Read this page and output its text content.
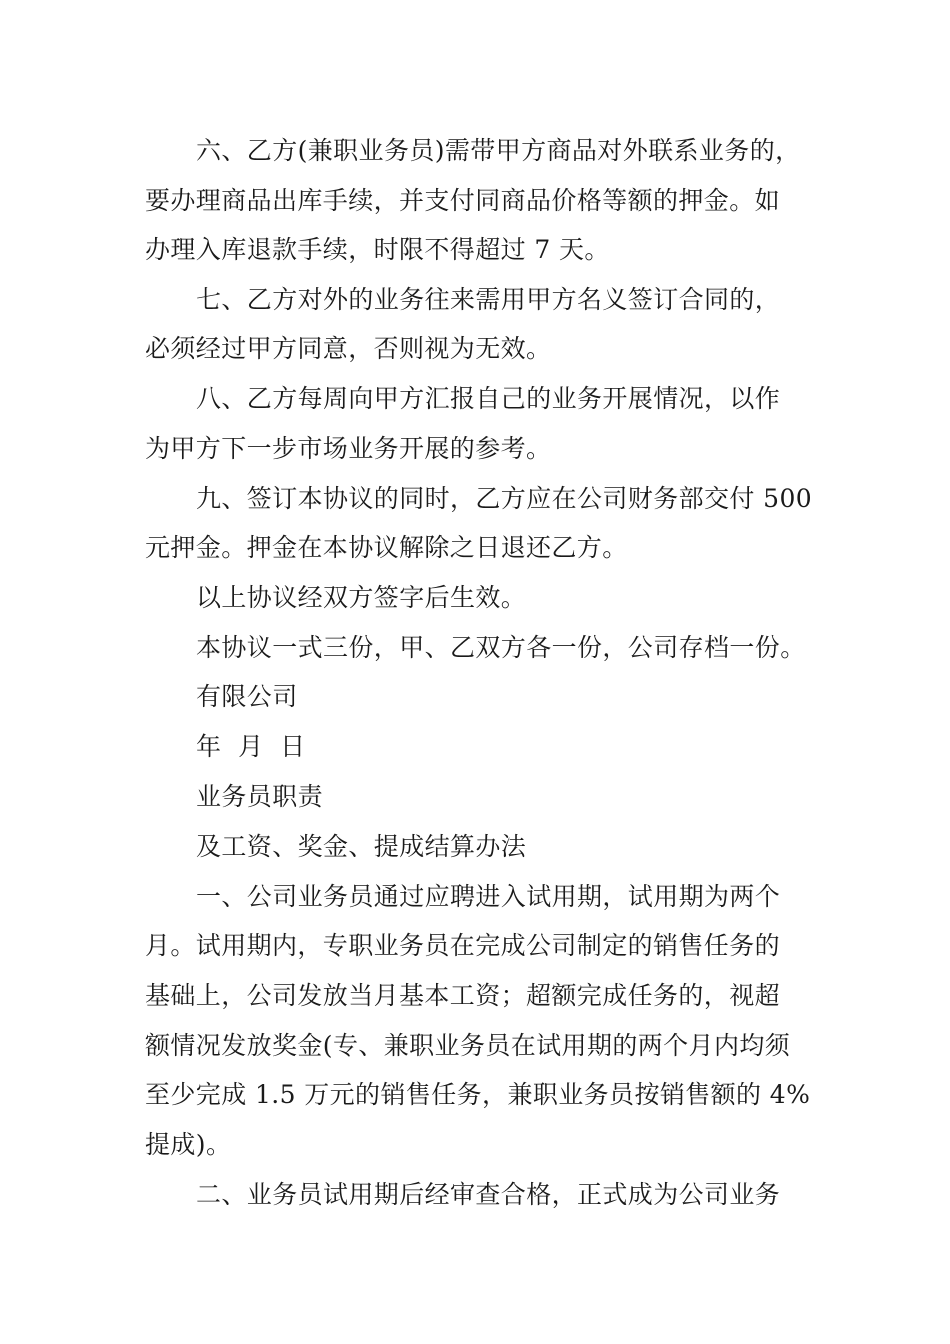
六、乙方(兼职业务员)需带甲方商品对外联系业务的，
要办理商品出库手续，并支付同商品价格等额的押金。如
办理入库退款手续，时限不得超过 7 天。
七、乙方对外的业务往来需用甲方名义签订合同的，
必须经过甲方同意，否则视为无效。
八、乙方每周向甲方汇报自己的业务开展情况，以作
为甲方下一步市场业务开展的参考。
九、签订本协议的同时，乙方应在公司财务部交付 500
元押金。押金在本协议解除之日退还乙方。
以上协议经双方签字后生效。
本协议一式三份，甲、乙双方各一份，公司存档一份。
有限公司
年  月  日
业务员职责
及工资、奖金、提成结算办法
一、公司业务员通过应聘进入试用期，试用期为两个
月。试用期内，专职业务员在完成公司制定的销售任务的
基础上，公司发放当月基本工资；超额完成任务的，视超
额情况发放奖金(专、兼职业务员在试用期的两个月内均须
至少完成 1.5 万元的销售任务，兼职业务员按销售额的 4%
提成)。
二、业务员试用期后经审查合格，正式成为公司业务
